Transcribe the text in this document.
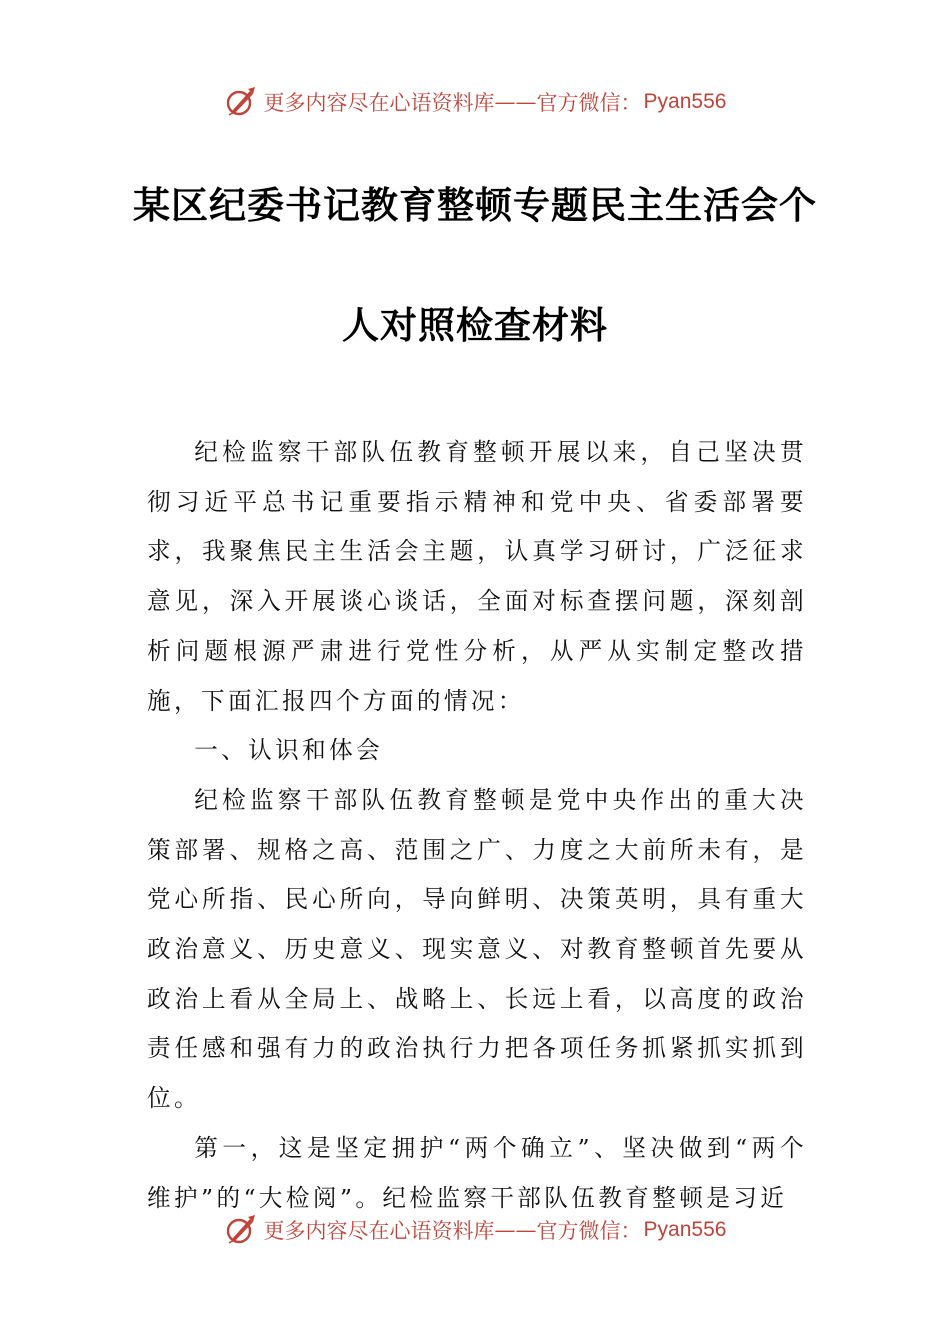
更多内容尽在心语资料库 —— 官方微信： Pyan556
某区纪委书记教育整顿专题民主生活会个
人对照检查材料

纪检监察干部队伍教育整顿开展以来，自己坚决贯彻习近平总书记重要指示精神和党中央、省委部署要求，我聚焦民主生活会主题，认真学习研讨，广泛征求意见，深入开展谈心谈话，全面对标查摆问题，深刻剖析问题根源严肃进行党性分析，从严从实制定整改措施，下面汇报四个方面的情况：

一、认识和体会

纪检监察干部队伍教育整顿是党中央作出的重大决策部署、规格之高、范围之广、力度之大前所未有，是党心所指、民心所向，导向鲜明、决策英明，具有重大政治意义、历史意义、现实意义、对教育整顿首先要从政治上看从全局上、战略上、长远上看，以高度的政治责任感和强有力的政治执行力把各项任务抓紧抓实抓到位。

第一，这是坚定拥护“两个确立”、坚决做到“两个维护”的“大检阅”。纪检监察干部队伍教育整顿是习近

更多内容尽在心语资料库 —— 官方微信： Pyan556
